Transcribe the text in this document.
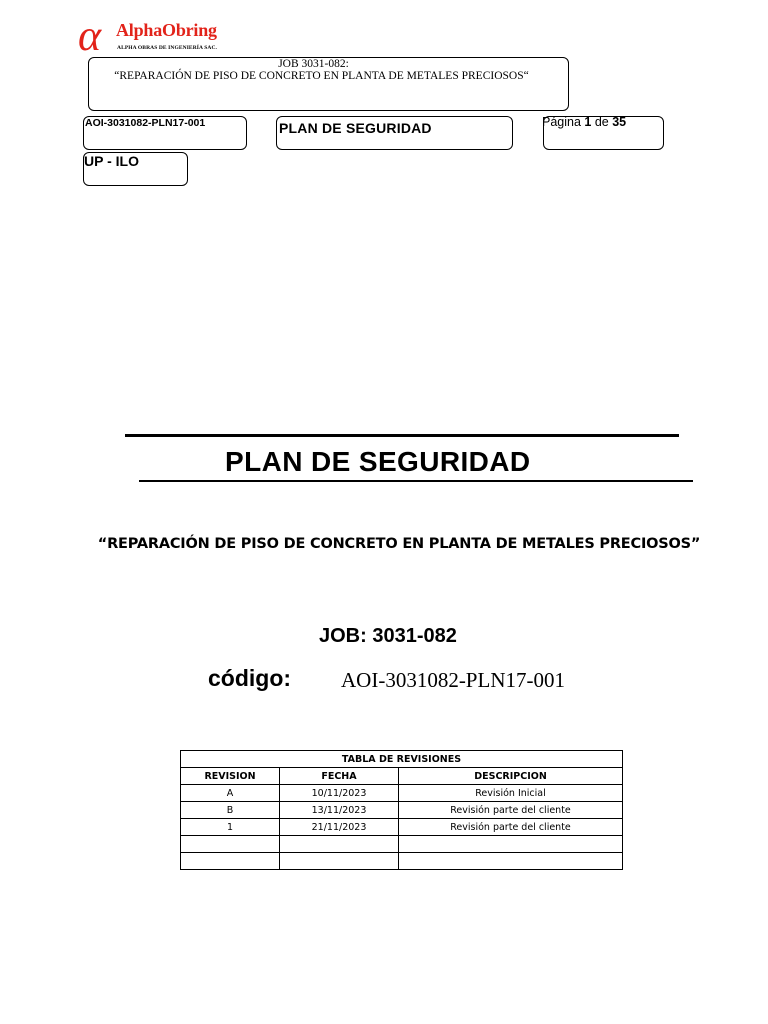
α AlphaObring
ALPHA OBRAS DE INGENIERÍA SAC.
JOB 3031-082:
“REPARACIÓN DE PISO DE CONCRETO EN PLANTA DE METALES PRECIOSOS“
AOI-3031082-PLN17-001	PLAN DE SEGURIDAD	Página 1 de 35
UP - ILO
PLAN DE SEGURIDAD
“REPARACIÓN DE PISO DE CONCRETO EN PLANTA DE METALES PRECIOSOS”
JOB: 3031-082
código: AOI-3031082-PLN17-001
TABLA DE REVISIONES		
REVISION	FECHA	DESCRIPCION
A	10/11/2023	Revisión Inicial
B	13/11/2023	Revisión parte del cliente
1	21/11/2023	Revisión parte del cliente
